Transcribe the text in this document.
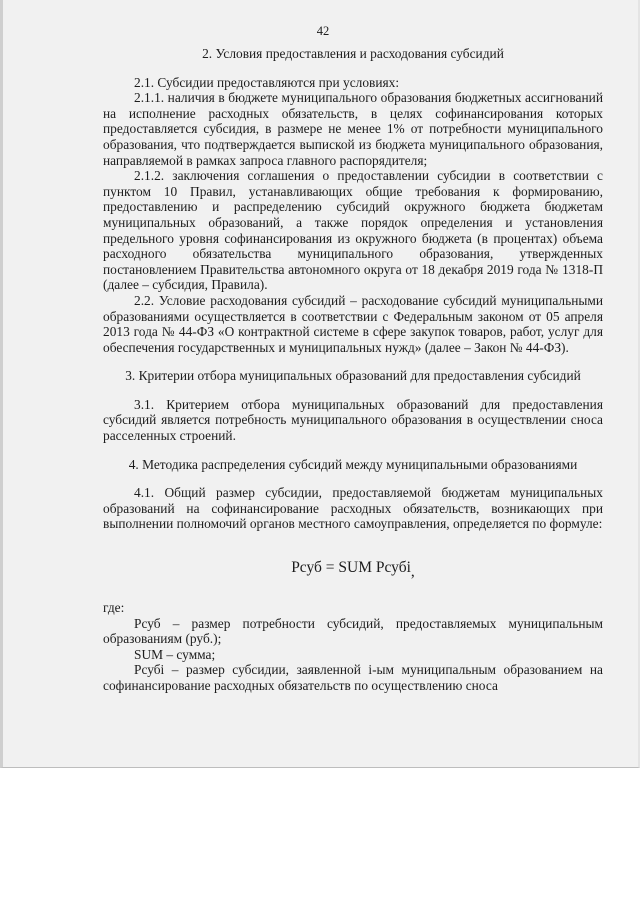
42

2. Условия предоставления и расходования субсидий

2.1. Субсидии предоставляются при условиях:

2.1.1. наличия в бюджете муниципального образования бюджетных ассигнований на исполнение расходных обязательств, в целях софинансирования которых предоставляется субсидия, в размере не менее 1% от потребности муниципального образования, что подтверждается выпиской из бюджета муниципального образования, направляемой в рамках запроса главного распорядителя;

2.1.2. заключения соглашения о предоставлении субсидии в соответствии с пунктом 10 Правил, устанавливающих общие требования к формированию, предоставлению и распределению субсидий окружного бюджета бюджетам муниципальных образований, а также порядок определения и установления предельного уровня софинансирования из окружного бюджета (в процентах) объема расходного обязательства муниципального образования, утвержденных постановлением Правительства автономного округа от 18 декабря 2019 года № 1318-П (далее – субсидия, Правила).

2.2. Условие расходования субсидий – расходование субсидий муниципальными образованиями осуществляется в соответствии с Федеральным законом от 05 апреля 2013 года № 44-ФЗ «О контрактной системе в сфере закупок товаров, работ, услуг для обеспечения государственных и муниципальных нужд» (далее – Закон № 44-ФЗ).

3. Критерии отбора муниципальных образований для предоставления субсидий

3.1. Критерием отбора муниципальных образований для предоставления субсидий является потребность муниципального образования в осуществлении сноса расселенных строений.

4. Методика распределения субсидий между муниципальными образованиями

4.1. Общий размер субсидии, предоставляемой бюджетам муниципальных образований на софинансирование расходных обязательств, возникающих при выполнении полномочий органов местного самоуправления, определяется по формуле:

Рсуб = SUM Рсубi,

где:

Рсуб – размер потребности субсидий, предоставляемых муниципальным образованиям (руб.);

SUM – сумма;

Рсубi – размер субсидии, заявленной i-ым муниципальным образованием на софинансирование расходных обязательств по осуществлению сноса
